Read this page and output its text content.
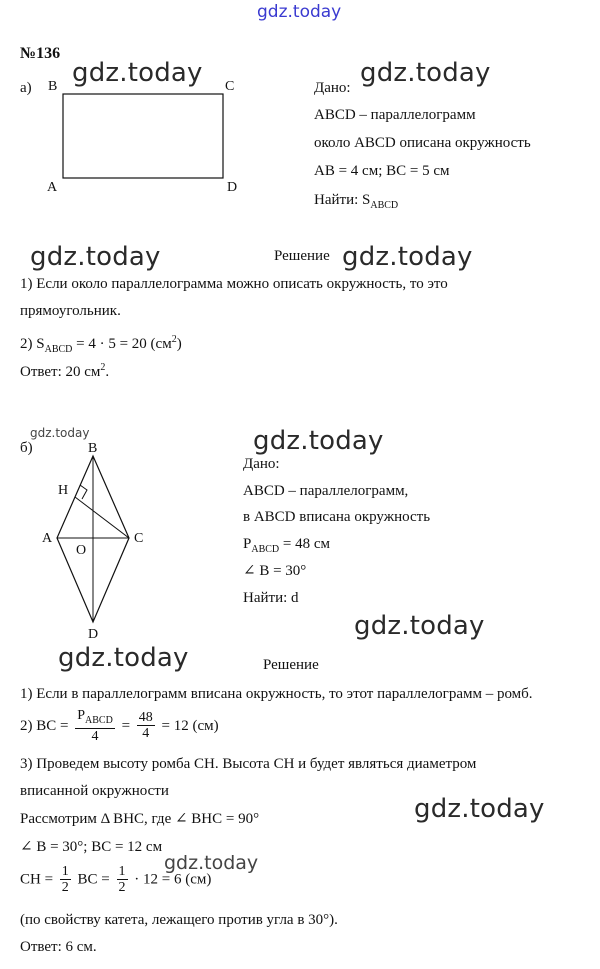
gdz.today
gdz.today	gdz.today
gdz.today	gdz.today
gdz.today	gdz.today
gdz.today
gdz.today
gdz.today
gdz.today
№136
а) B	C
A	D
Дано:
ABCD – параллелограмм
около ABCD описана окружность
AB = 4 см; BC = 5 см
Найти: $S_{ABCD}$
Решение
1) Если около параллелограмма можно описать окружность, то это
прямоугольник.
2) $S_{ABCD} = 4 \cdot 5 = 20$ $(см^2)$
Ответ: 20 $см^2$.
б)	B
H
A
O
C
D
Дано:
ABCD – параллелограмм,
в ABCD вписана окружность
$P_{ABCD} = 48$ см
∠ B = 30°
Найти: d
Решение
1) Если в параллелограмм вписана окружность, то этот параллелограмм – ромб.
2) BC = $\frac{P_{ABCD}}{4} = \frac{48}{4} = 12$ (см)
3) Проведем высоту ромба CH. Высота CH и будет являться диаметром
вписанной окружности
Рассмотрим Δ BHC, где ∠ BHC = 90°
∠ B = 30°; BC = 12 см
CH = $\frac{1}{2}$ BC = $\frac{1}{2} \cdot 12 = 6$ (см)
(по свойству катета, лежащего против угла в 30°).
Ответ: 6 см.
